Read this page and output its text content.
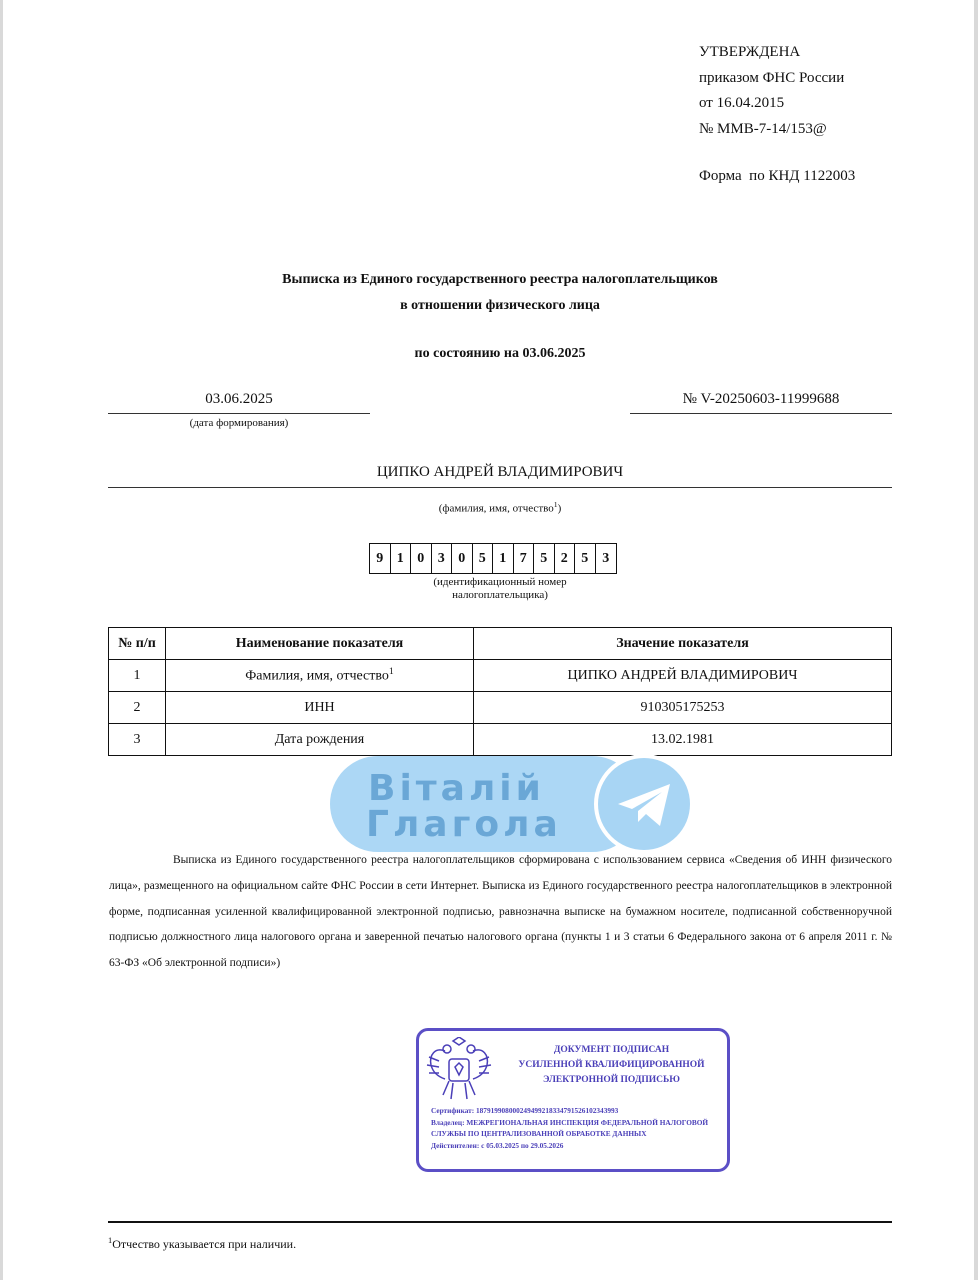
УТВЕРЖДЕНА
приказом ФНС России
от 16.04.2015
№ ММВ-7-14/153@
Форма  по КНД 1122003
Выписка из Единого государственного реестра налогоплательщиков
в отношении физического лица
по состоянию на 03.06.2025
03.06.2025
(дата формирования)
№ V-20250603-11999688
ЦИПКО АНДРЕЙ ВЛАДИМИРОВИЧ
(фамилия, имя, отчество$^1$)
9 1 0 3 0 5 1 7 5 2 5	3
(идентификационный номер
налогоплательщика)
№ п/п	Наименование показателя	Значение показателя
1	Фамилия, имя, отчество$^1$	ЦИПКО АНДРЕЙ ВЛАДИМИРОВИЧ
2	ИНН	910305175253
3	Дата рождения	13.02.1981
Віталій
Глагола
Выписка из Единого государственного реестра налогоплательщиков сформирована с использованием сервиса «Сведения об ИНН физического лица», размещенного на официальном сайте ФНС России в сети Интернет. Выписка из Единого государственного реестра налогоплательщиков в электронной форме, подписанная усиленной квалифицированной электронной подписью, равнозначна выписке на бумажном носителе, подписанной собственноручной подписью должностного лица налогового органа и заверенной печатью налогового органа (пункты 1 и 3 статьи 6 Федерального закона от 6 апреля 2011 г. № 63-ФЗ «Об электронной подписи»)
ДОКУМЕНТ ПОДПИСАН
УСИЛЕННОЙ КВАЛИФИЦИРОВАННОЙ
ЭЛЕКТРОННОЙ ПОДПИСЬЮ
Сертификат: 1879199080002494992183347915261023439​93
Владелец: МЕЖРЕГИОНАЛЬНАЯ ИНСПЕКЦИЯ ФЕДЕРАЛЬНОЙ НАЛОГОВОЙ СЛУЖБЫ ПО ЦЕНТРАЛИЗОВАННОЙ ОБРАБОТКЕ ДАННЫХ
Действителен: с 05.03.2025 по 29.05.2026
$^1$Отчество указывается при наличии.
